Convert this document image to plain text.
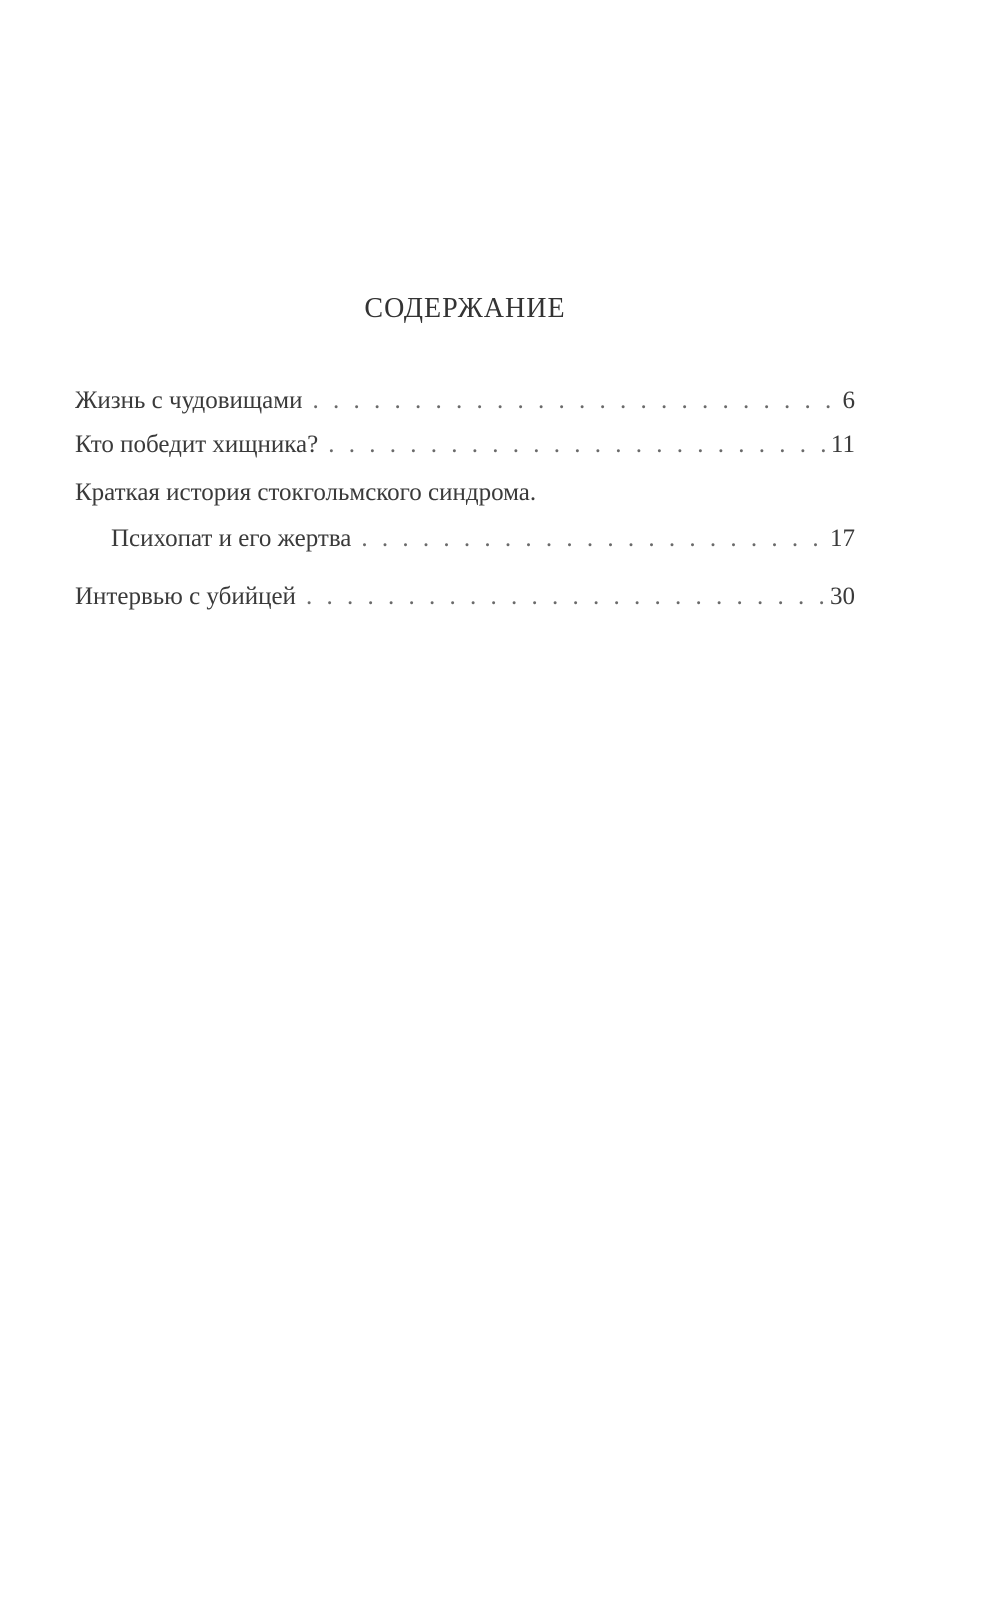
СОДЕРЖАНИЕ
Жизнь с чудовищами . . .	6
Кто победит хищника? . . .	11
Краткая история стокгольмского синдрома.
Психопат и его жертва . . .	17
Интервью с убийцей . . .	30
